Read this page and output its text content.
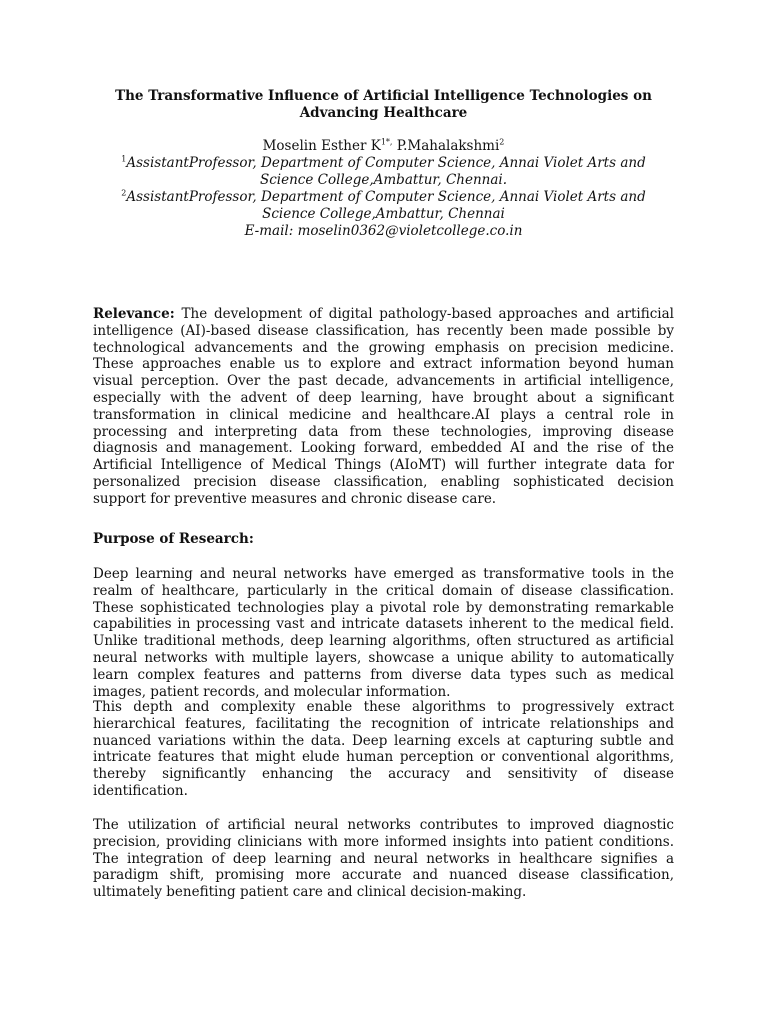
The Transformative Influence of Artificial Intelligence Technologies on Advancing Healthcare
Moselin Esther $K^{1*,}$ P.Mahalakshmi$^2$
$^1$AssistantProfessor, Department of Computer Science, Annai Violet Arts and Science College,Ambattur, Chennai.
$^2$AssistantProfessor, Department of Computer Science, Annai Violet Arts and Science College,Ambattur, Chennai
E-mail: moselin0362@violetcollege.co.in
Relevance: The development of digital pathology-based approaches and artificial intelligence (AI)-based disease classification, has recently been made possible by technological advancements and the growing emphasis on precision medicine. These approaches enable us to explore and extract information beyond human visual perception. Over the past decade, advancements in artificial intelligence, especially with the advent of deep learning, have brought about a significant transformation in clinical medicine and healthcare.AI plays a central role in processing and interpreting data from these technologies, improving disease diagnosis and management. Looking forward, embedded AI and the rise of the Artificial Intelligence of Medical Things (AIoMT) will further integrate data for personalized precision disease classification, enabling sophisticated decision support for preventive measures and chronic disease care.
Purpose of Research:
Deep learning and neural networks have emerged as transformative tools in the realm of healthcare, particularly in the critical domain of disease classification. These sophisticated technologies play a pivotal role by demonstrating remarkable capabilities in processing vast and intricate datasets inherent to the medical field. Unlike traditional methods, deep learning algorithms, often structured as artificial neural networks with multiple layers, showcase a unique ability to automatically learn complex features and patterns from diverse data types such as medical images, patient records, and molecular information.
This depth and complexity enable these algorithms to progressively extract hierarchical features, facilitating the recognition of intricate relationships and nuanced variations within the data. Deep learning excels at capturing subtle and intricate features that might elude human perception or conventional algorithms, thereby significantly enhancing the accuracy and sensitivity of disease identification.
The utilization of artificial neural networks contributes to improved diagnostic precision, providing clinicians with more informed insights into patient conditions. The integration of deep learning and neural networks in healthcare signifies a paradigm shift, promising more accurate and nuanced disease classification, ultimately benefiting patient care and clinical decision-making.
